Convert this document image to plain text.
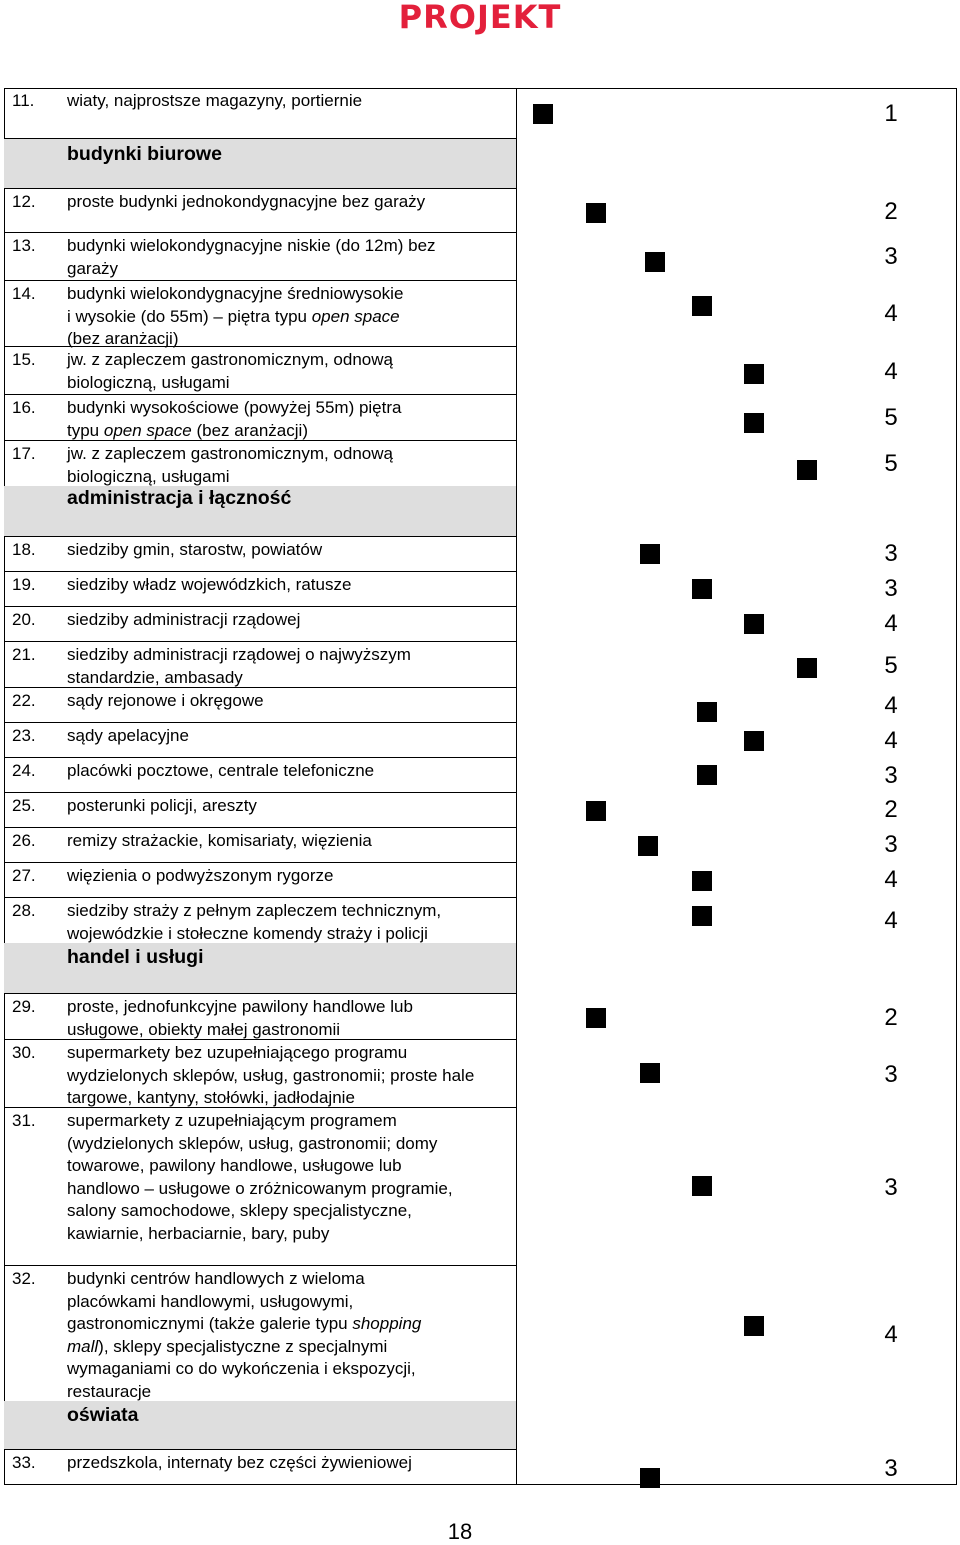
PROJEKT
11. wiaty, najprostsze magazyny, portiernie
budynki biurowe
12. proste budynki jednokondygnacyjne bez garaży
13. budynki wielokondygnacyjne niskie (do 12m) bez garaży
14. budynki wielokondygnacyjne średniowysokie
i wysokie (do 55m) – piętra typu open space
(bez aranżacji)
15. jw. z zapleczem gastronomicznym, odnową biologiczną, usługami
16. budynki wysokościowe (powyżej 55m) piętra
typu open space (bez aranżacji)
17. jw. z zapleczem gastronomicznym, odnową biologiczną, usługami
administracja i łączność
18. siedziby gmin, starostw, powiatów
19. siedziby władz wojewódzkich, ratusze
20. siedziby administracji rządowej
21. siedziby administracji rządowej o najwyższym standardzie, ambasady
22. sądy rejonowe i okręgowe
23. sądy apelacyjne
24. placówki pocztowe, centrale telefoniczne
25. posterunki policji, areszty
26. remizy strażackie, komisariaty, więzienia
27. więzienia o podwyższonym rygorze
28. siedziby straży z pełnym zapleczem technicznym, wojewódzkie i stołeczne komendy straży i policji
handel i usługi
29. proste, jednofunkcyjne pawilony handlowe lub usługowe, obiekty małej gastronomii
30. supermarkety bez uzupełniającego programu wydzielonych sklepów, usług, gastronomii; proste hale targowe, kantyny, stołówki, jadłodajnie
31. supermarkety z uzupełniającym programem (wydzielonych sklepów, usług, gastronomii; domy towarowe, pawilony handlowe, usługowe lub handlowo – usługowe o zróżnicowanym programie, salony samochodowe, sklepy specjalistyczne, kawiarnie, herbaciarnie, bary, puby
32. budynki centrów handlowych z wieloma
placówkami handlowymi, usługowymi,
gastronomicznymi (także galerie typu shopping
mall), sklepy specjalistyczne z specjalnymi
wymaganiami co do wykończenia i ekspozycji,
restauracje
oświata
33. przedszkola, internaty bez części żywieniowej
1
2
3
4
4
5
5
3
3
4
5
4
4
3
2
3
4
4
2
3
3
4
3
18
